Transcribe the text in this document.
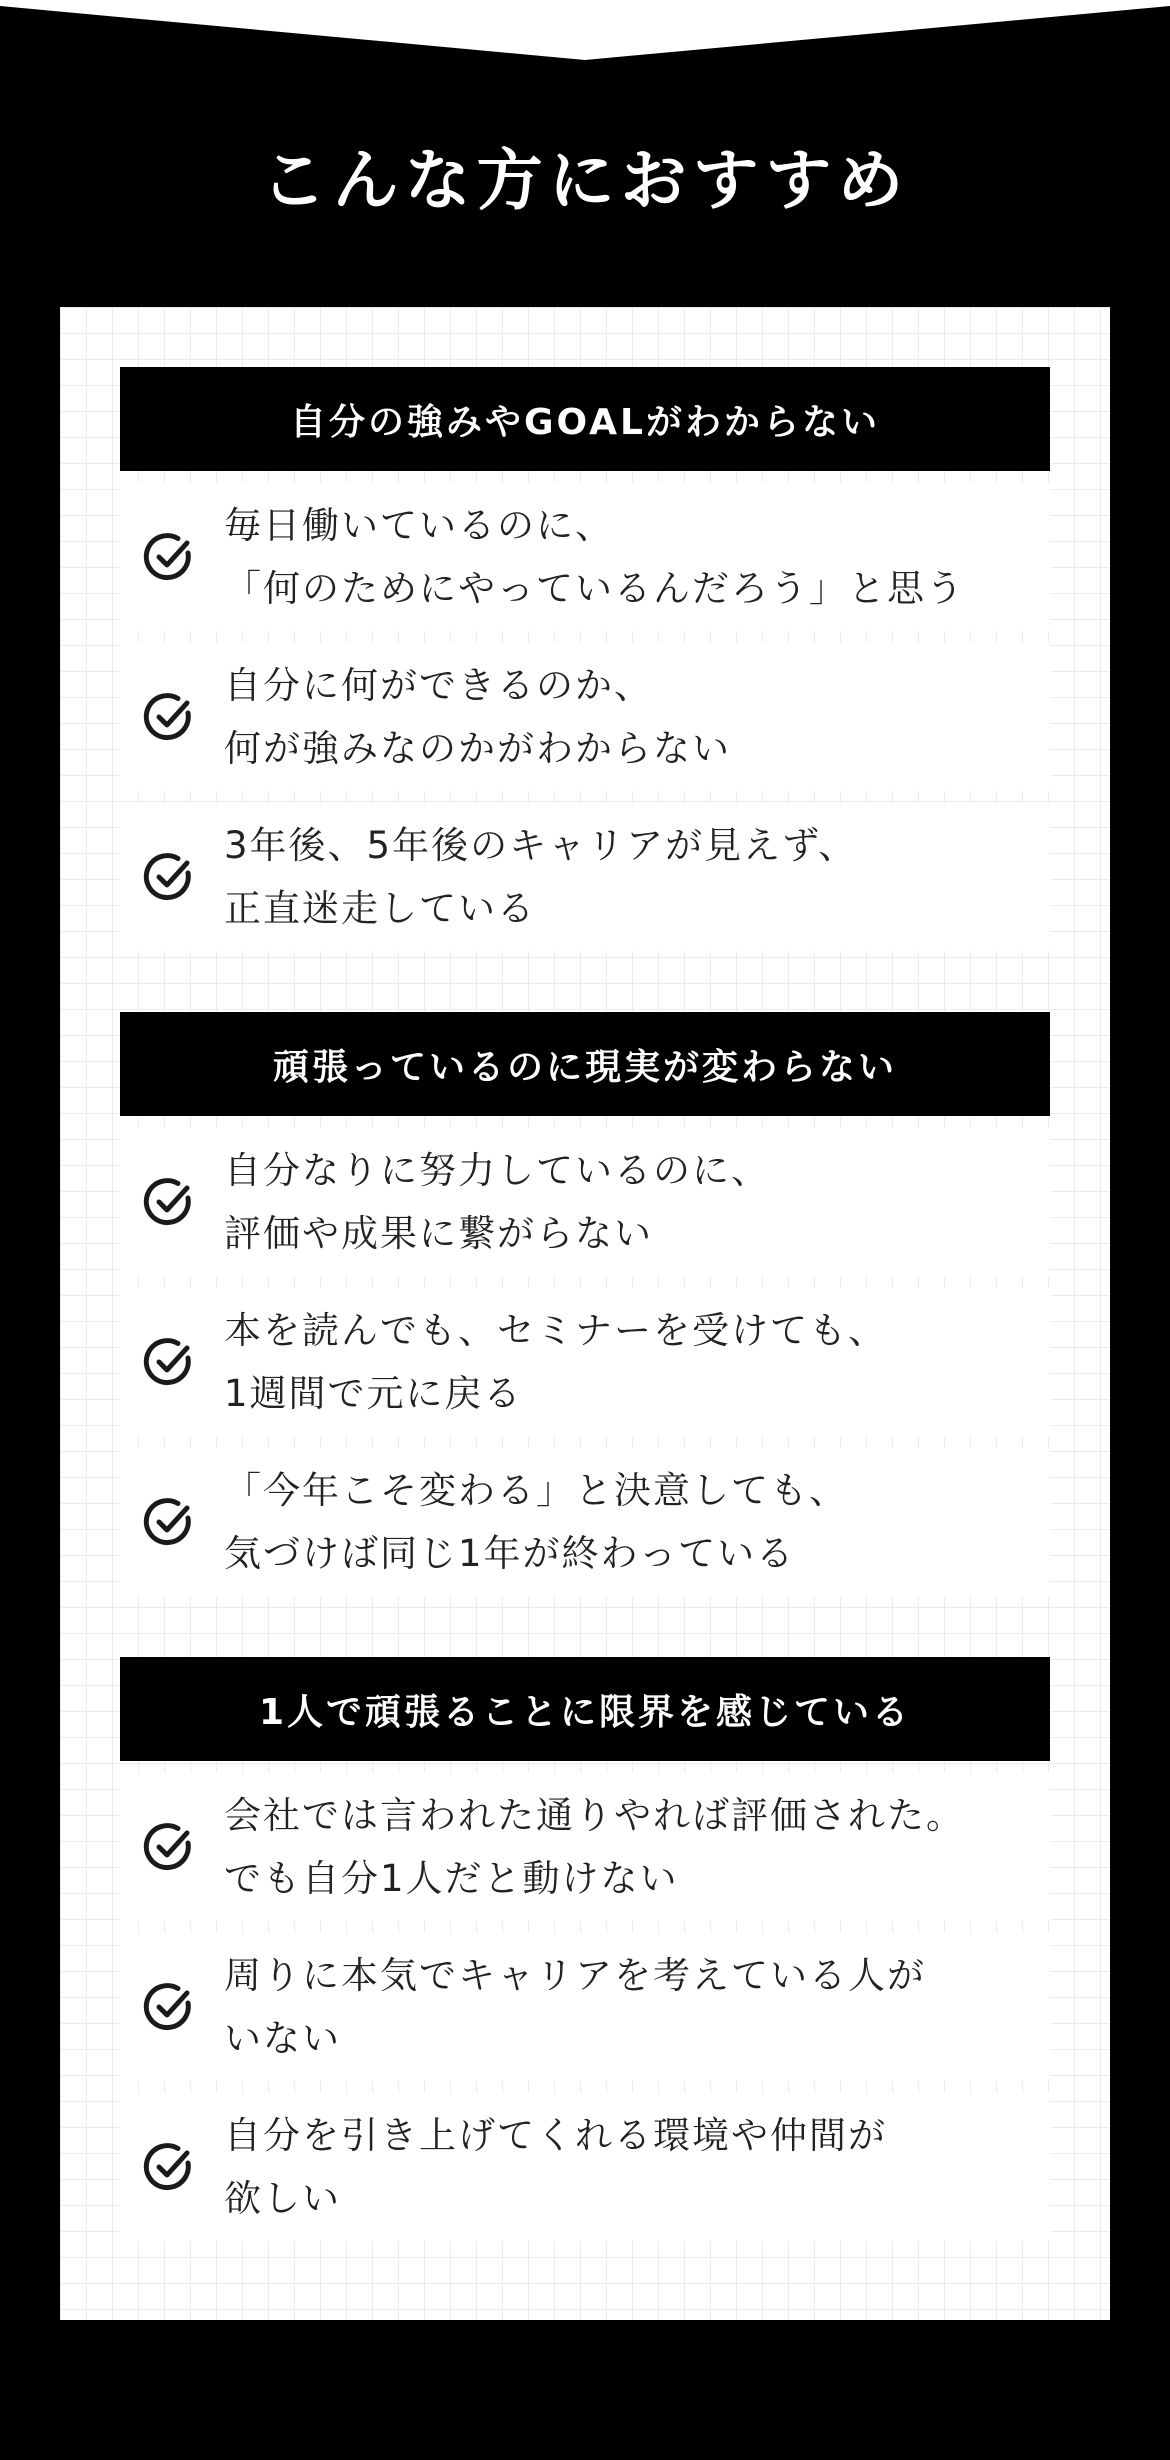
こんな方におすすめ
自分の強みやGOALがわからない
毎日働いているのに、
「何のためにやっているんだろう」と思う
自分に何ができるのか、
何が強みなのかがわからない
3年後、5年後のキャリアが見えず、
正直迷走している
頑張っているのに現実が変わらない
自分なりに努力しているのに、
評価や成果に繋がらない
本を読んでも、セミナーを受けても、
1週間で元に戻る
「今年こそ変わる」と決意しても、
気づけば同じ1年が終わっている
1人で頑張ることに限界を感じている
会社では言われた通りやれば評価された。
でも自分1人だと動けない
周りに本気でキャリアを考えている人が
いない
自分を引き上げてくれる環境や仲間が
欲しい
